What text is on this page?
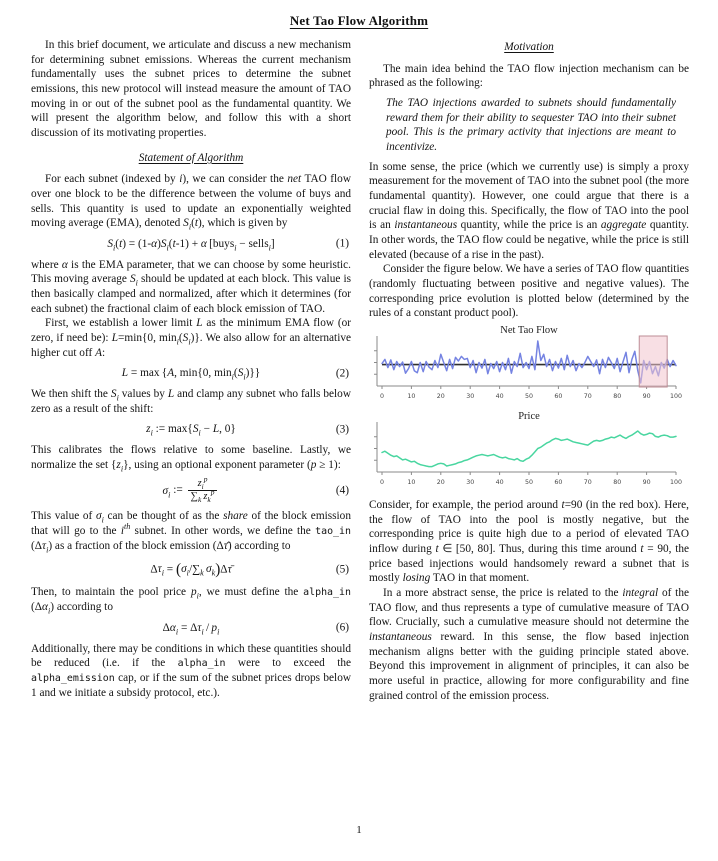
Net Tao Flow Algorithm

In this brief document, we articulate and discuss a new mechanism for determining subnet emissions. Whereas the current mechanism fundamentally uses the subnet prices to determine the subnet emissions, this new protocol will instead measure the amount of TAO moving in or out of the subnet pool as the fundamental quantity. We will present the algorithm below, and follow this with a short discussion of its motivating properties.

Statement of Algorithm

For each subnet (indexed by i), we can consider the net TAO flow over one block to be the difference between the volume of buys and sells. This quantity is used to update an exponentially weighted moving average (EMA), denoted $S_i(t)$, which is given by

$S_i(t) = (1-\alpha)S_i(t-1) + \alpha$ [buys$_i$ − sells$_i$]	(1)

where α is the EMA parameter, that we can choose by some heuristic. This moving average $S_i$ should be updated at each block. This value is then basically clamped and normalized, after which it determines (for each subnet) the fractional claim of each block emission of TAO.

First, we establish a lower limit L as the minimum EMA flow (or zero, if need be): L=min{0, $\min_i(S_i)$}. We also allow for an alternative higher cut off A:

L = max {A, min{0, $\min_i(S_i)$}}	(2)

We then shift the $S_i$ values by L and clamp any subnet who falls below zero as a result of the shift:

$z_i$ := $\max\{S_i - L$, 0}	(3)

This calibrates the flows relative to some baseline. Lastly, we normalize the set $\{z_i\}$, using an optional exponent parameter (p ≥ 1):

$\sigma_i$ := $\frac{z_i^p}{\sum_k z_k^p}$	(4)

This value of $\sigma_i$ can be thought of as the share of the block emission that will go to the $i^{th}$ subnet. In other words, we define the tao_in $(\Delta\tau_i)$ as a fraction of the block emission (Δτ̄) according to

$\Delta\tau_i = (\sigma_i/\sum_k$  $\sigma_k)\Delta\taū$	(5)

Then, to maintain the pool price $p_i$, we must define the alpha_in $(\Delta\alpha_i)$ according to

$\Delta\alpha_i = \Delta\tau_i / p_i$	(6)

Additionally, there may be conditions in which these quantities should be reduced (i.e. if the alpha_in were to exceed the alpha_emission cap, or if the sum of the subnet prices drops below 1 and we initiate a subsidy protocol, etc.).

Motivation

The main idea behind the TAO flow injection mechanism can be phrased as the following:

The TAO injections awarded to subnets should fundamentally reward them for their ability to sequester TAO into their subnet pool. This is the primary activity that injections are meant to incentivize.

In some sense, the price (which we currently use) is simply a proxy measurement for the movement of TAO into the subnet pool (the more fundamental quantity). However, one could argue that there is a crucial flaw in doing this. Specifically, the flow of TAO into the pool is an instantaneous quantity, while the price is an aggregate quantity. In other words, the TAO flow could be negative, while the price is still elevated (because of a rise in the past).

Consider the figure below. We have a series of TAO flow quantities (randomly fluctuating between positive and negative values). The corresponding price evolution is plotted below (determined by the rules of a constant product pool).

Net Tao Flow
0	10	20	30	40	50	60	70	80	90	100
Price
0	10	20	30	40	50	60	70	80	90	100

Consider, for example, the period around t=90 (in the red box). Here, the flow of TAO into the pool is mostly negative, but the corresponding price is quite high due to a period of elevated TAO inflow during t ∈ [50, 80]. Thus, during this time around t = 90, the price based injections would handsomely reward a subnet that is mostly losing TAO in that moment.

In a more abstract sense, the price is related to the integral of the TAO flow, and thus represents a type of cumulative measure of TAO flow. Crucially, such a cumulative measure should not determine the instantaneous reward. In this sense, the flow based injection mechanism aligns better with the guiding principle stated above. Beyond this improvement in alignment of principles, it can also be more useful in practice, allowing for more configurability and fine grained control of the emission process.

1
